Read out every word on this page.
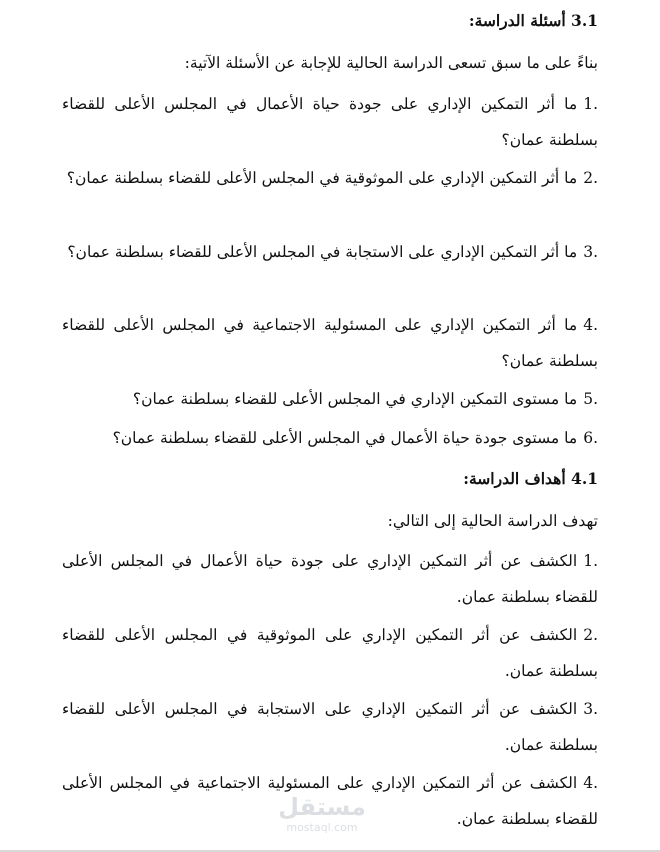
3.1 أسئلة الدراسة:
بناءً على ما سبق تسعى الدراسة الحالية للإجابة عن الأسئلة الآتية:
.1ما أثر التمكين الإداري على جودة حياة الأعمال في المجلس الأعلى للقضاء بسلطنة عمان؟
.2ما أثر التمكين الإداري على الموثوقية في المجلس الأعلى للقضاء بسلطنة عمان؟
.3ما أثر التمكين الإداري على الاستجابة في المجلس الأعلى للقضاء بسلطنة عمان؟
.4ما أثر التمكين الإداري على المسئولية الاجتماعية في المجلس الأعلى للقضاء بسلطنة عمان؟
.5ما مستوى التمكين الإداري في المجلس الأعلى للقضاء بسلطنة عمان؟
.6ما مستوى جودة حياة الأعمال في المجلس الأعلى للقضاء بسلطنة عمان؟
4.1 أهداف الدراسة:
تهدف الدراسة الحالية إلى التالي:
.1الكشف عن أثر التمكين الإداري على جودة حياة الأعمال في المجلس الأعلى للقضاء بسلطنة عمان.
.2الكشف عن أثر التمكين الإداري على الموثوقية في المجلس الأعلى للقضاء بسلطنة عمان.
.3الكشف عن أثر التمكين الإداري على الاستجابة في المجلس الأعلى للقضاء بسلطنة عمان.
.4الكشف عن أثر التمكين الإداري على المسئولية الاجتماعية في المجلس الأعلى للقضاء بسلطنة عمان.
مستقل
mostaql.com
